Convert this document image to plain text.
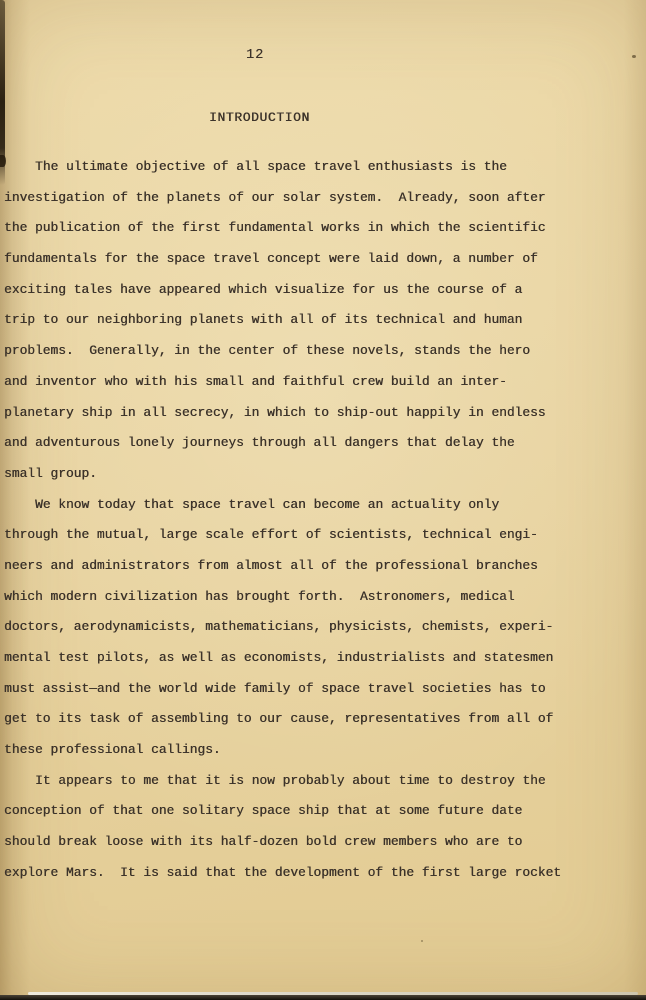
12
INTRODUCTION
The ultimate objective of all space travel enthusiasts is the
investigation of the planets of our solar system.  Already, soon after
the publication of the first fundamental works in which the scientific
fundamentals for the space travel concept were laid down, a number of
exciting tales have appeared which visualize for us the course of a
trip to our neighboring planets with all of its technical and human
problems.  Generally, in the center of these novels, stands the hero
and inventor who with his small and faithful crew build an inter-
planetary ship in all secrecy, in which to ship-out happily in endless
and adventurous lonely journeys through all dangers that delay the
small group.
We know today that space travel can become an actuality only
through the mutual, large scale effort of scientists, technical engi-
neers and administrators from almost all of the professional branches
which modern civilization has brought forth.  Astronomers, medical
doctors, aerodynamicists, mathematicians, physicists, chemists, experi-
mental test pilots, as well as economists, industrialists and statesmen
must assist—and the world wide family of space travel societies has to
get to its task of assembling to our cause, representatives from all of
these professional callings.
It appears to me that it is now probably about time to destroy the
conception of that one solitary space ship that at some future date
should break loose with its half-dozen bold crew members who are to
explore Mars.  It is said that the development of the first large rocket
